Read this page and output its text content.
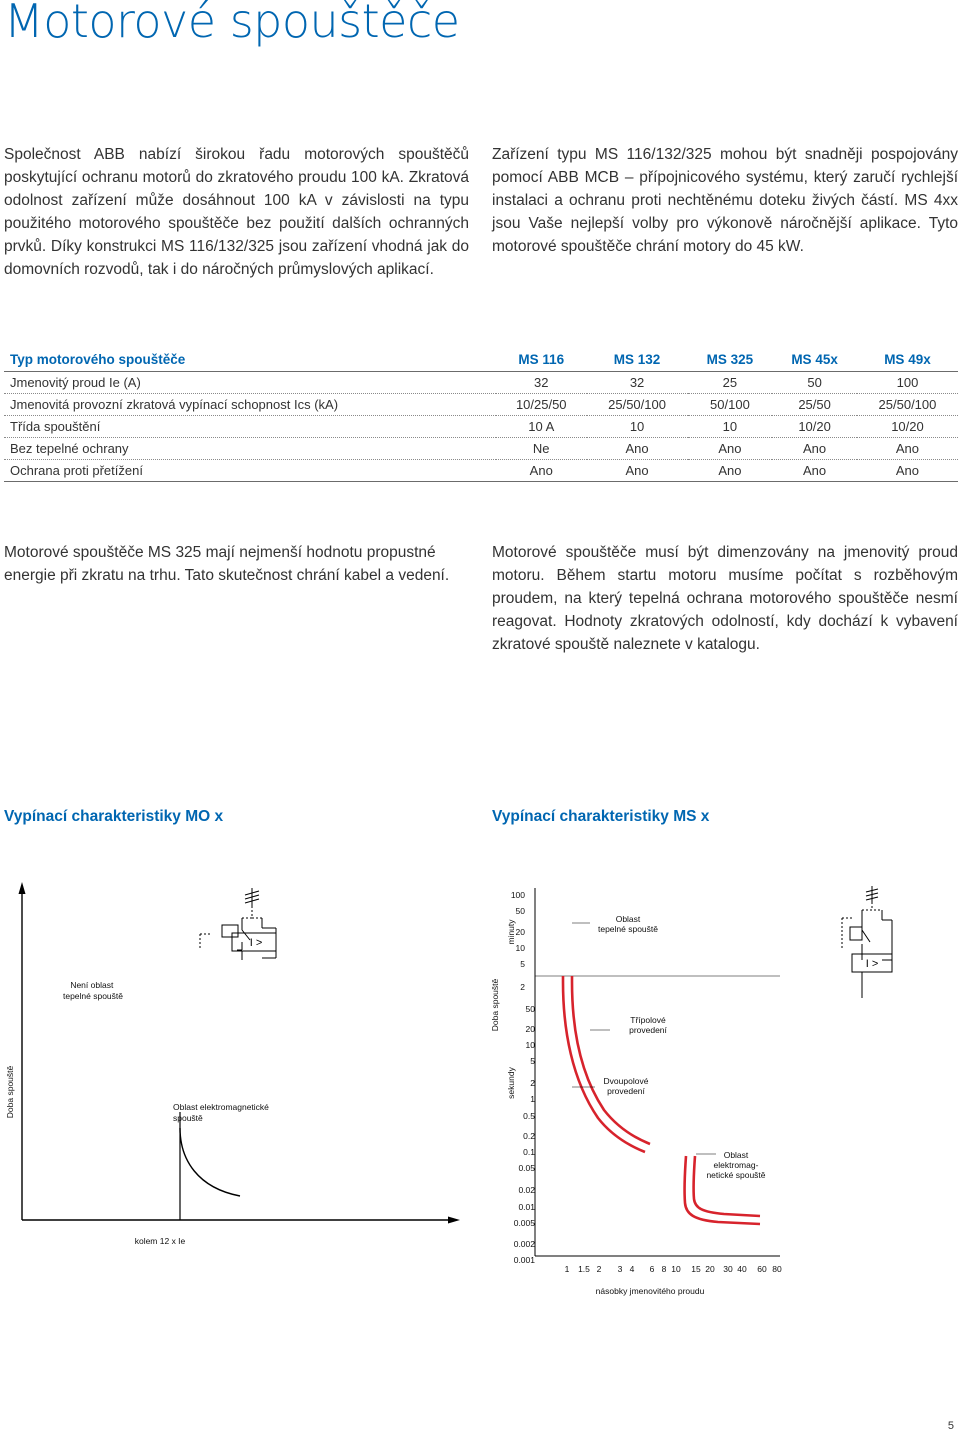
Motorové spouštěče
Společnost ABB nabízí širokou řadu motorových spouštěčů poskytující ochranu motorů do zkratového proudu 100 kA. Zkratová odolnost zařízení může dosáhnout 100 kA v závislosti na typu použitého motorového spouštěče bez použití dalších ochranných prvků. Díky konstrukci MS 116/132/325 jsou zařízení vhodná jak do domovních rozvodů, tak i do náročných průmyslových aplikací.
Zařízení typu MS 116/132/325 mohou být snadněji pospojovány pomocí ABB MCB – přípojnicového systému, který zaručí rychlejší instalaci a ochranu proti nechtěnému doteku živých částí. MS 4xx jsou Vaše nejlepší volby pro výkonově náročnější aplikace. Tyto motorové spouštěče chrání motory do 45 kW.
Typ motorového spouštěče	MS 116	MS 132	MS 325	MS 45x	MS 49x
Jmenovitý proud Ie (A)	32	32	25	50	100
Jmenovitá provozní zkratová vypínací schopnost Ics (kA)	10/25/50	25/50/100	50/100	25/50	25/50/100
Třída spouštění	10 A	10	10	10/20	10/20
Bez tepelné ochrany	Ne	Ano	Ano	Ano	Ano
Ochrana proti přetížení	Ano	Ano	Ano	Ano	Ano
Motorové spouštěče MS 325 mají nejmenší hodnotu propustné energie při zkratu na trhu. Tato skutečnost chrání kabel a vedení.
Motorové spouštěče musí být dimenzovány na jmenovitý proud motoru. Během startu motoru musíme počítat s rozběhovým proudem, na který tepelná ochrana motorového spouštěče nesmí reagovat. Hodnoty zkratových odolností, kdy dochází k vybavení zkratové spouště naleznete v katalogu.
Vypínací charakteristiky MO x	Vypínací charakteristiky MS x
Doba spouště
Není oblast tepelné spouště
Oblast elektromagnetické spouště
kolem 12 x Ie
I >	minuty
sekundy
Doba spouště
100
50
20
10
5
2
50
20
10
5
2
1
0.5
0.2
0.1
0.05
0.02
0.01
0.005
0.002
0.001
1 1.5 2 3 4 6 8 10 15 20 30 40 60 80
násobky jmenovitého proudu
Oblast tepelné spouště
Třípolové provedení
Dvoupolové provedení
Oblast elektromag-netické spouště
I >
5
